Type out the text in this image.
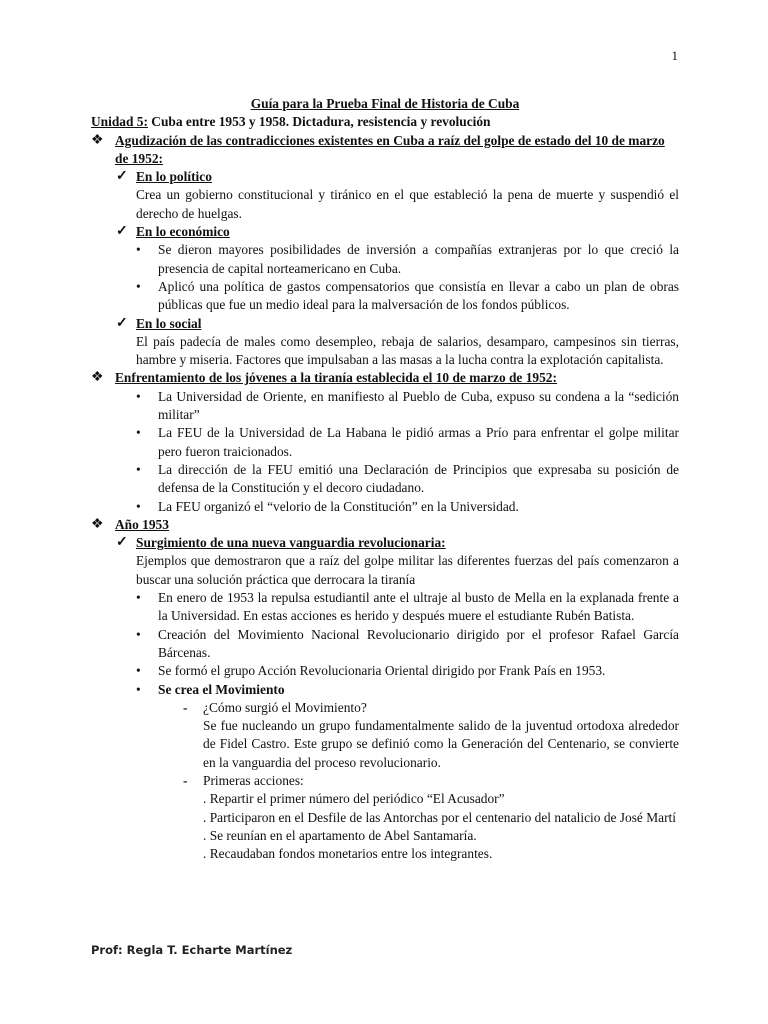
1
Guía para la Prueba Final de Historia de Cuba
Unidad 5: Cuba entre 1953 y 1958. Dictadura, resistencia y revolución
❖ Agudización de las contradicciones existentes en Cuba a raíz del golpe de estado del 10 de marzo de 1952:
✓ En lo político
Crea un gobierno constitucional y tiránico en el que estableció la pena de muerte y suspendió el derecho de huelgas.
✓ En lo económico
• Se dieron mayores posibilidades de inversión a compañías extranjeras por lo que creció la presencia de capital norteamericano en Cuba.
• Aplicó una política de gastos compensatorios que consistía en llevar a cabo un plan de obras públicas que fue un medio ideal para la malversación de los fondos públicos.
✓ En lo social
El país padecía de males como desempleo, rebaja de salarios, desamparo, campesinos sin tierras, hambre y miseria. Factores que impulsaban a las masas a la lucha contra la explotación capitalista.
❖ Enfrentamiento de los jóvenes a la tiranía establecida el 10 de marzo de 1952:
• La Universidad de Oriente, en manifiesto al Pueblo de Cuba, expuso su condena a la “sedición militar”
• La FEU de la Universidad de La Habana le pidió armas a Prío para enfrentar el golpe militar pero fueron traicionados.
• La dirección de la FEU emitió una Declaración de Principios que expresaba su posición de defensa de la Constitución y el decoro ciudadano.
• La FEU organizó el “velorio de la Constitución” en la Universidad.
❖ Año 1953
✓ Surgimiento de una nueva vanguardia revolucionaria:
Ejemplos que demostraron que a raíz del golpe militar las diferentes fuerzas del país comenzaron a buscar una solución práctica que derrocara la tiranía
• En enero de 1953 la repulsa estudiantil ante el ultraje al busto de Mella en la explanada frente a la Universidad. En estas acciones es herido y después muere el estudiante Rubén Batista.
• Creación del Movimiento Nacional Revolucionario dirigido por el profesor Rafael García Bárcenas.
• Se formó el grupo Acción Revolucionaria Oriental dirigido por Frank País en 1953.
• Se crea el Movimiento
- ¿Cómo surgió el Movimiento?
Se fue nucleando un grupo fundamentalmente salido de la juventud ortodoxa alrededor de Fidel Castro. Este grupo se definió como la Generación del Centenario, se convierte en la vanguardia del proceso revolucionario.
- Primeras acciones:
. Repartir el primer número del periódico “El Acusador”
. Participaron en el Desfile de las Antorchas por el centenario del natalicio de José Martí
. Se reunían en el apartamento de Abel Santamaría.
. Recaudaban fondos monetarios entre los integrantes.
Prof: Regla T. Echarte Martínez
